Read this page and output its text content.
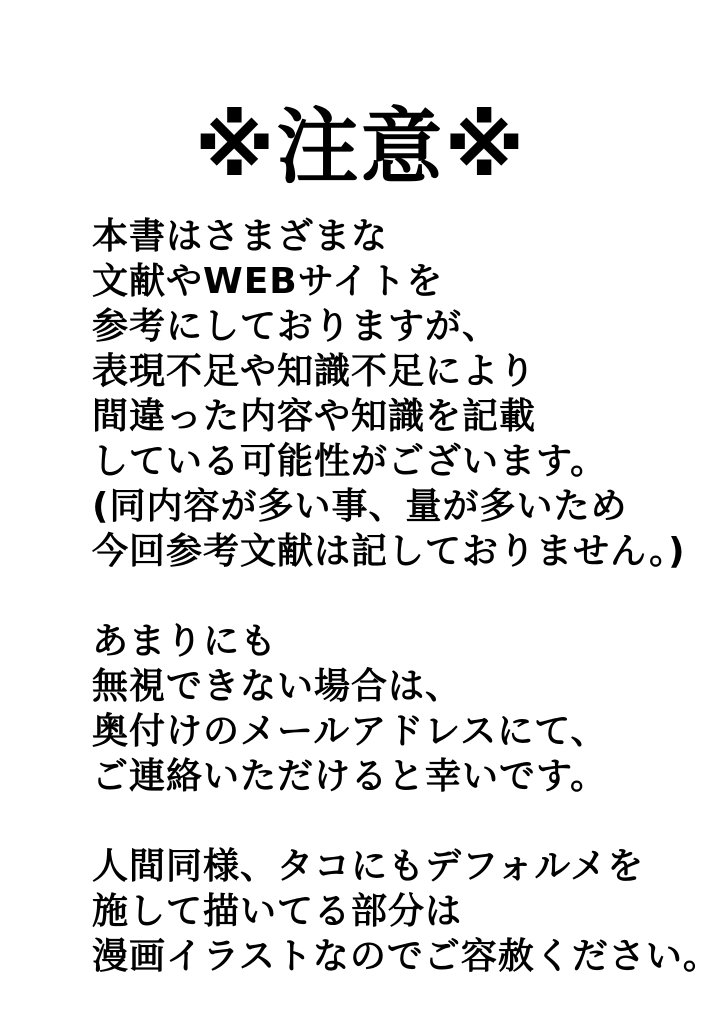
※注意※
本書はさまざまな
文献やWEBサイトを
参考にしておりますが、
表現不足や知識不足により
間違った内容や知識を記載
している可能性がございます。
(同内容が多い事、量が多いため
今回参考文献は記しておりません。)
あまりにも
無視できない場合は、
奥付けのメールアドレスにて、
ご連絡いただけると幸いです。
人間同様、タコにもデフォルメを
施して描いてる部分は
漫画イラストなのでご容赦ください。
